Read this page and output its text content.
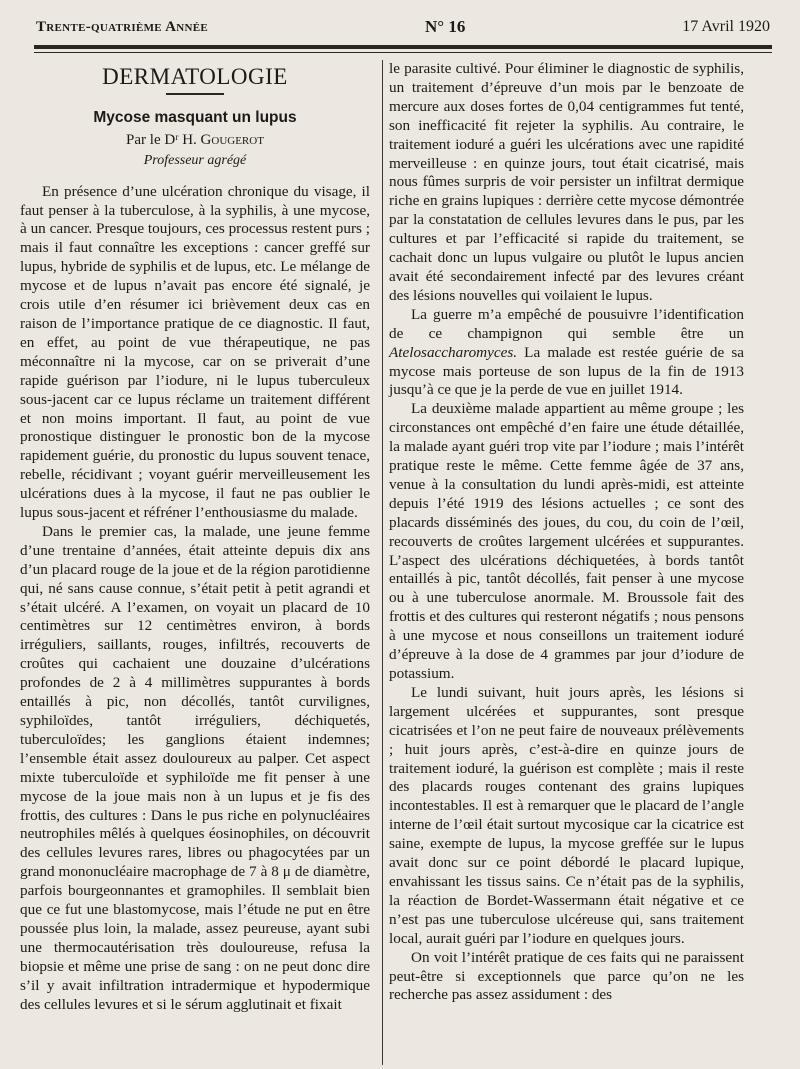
Trente-quatrième Année	N° 16	17 Avril 1920
DERMATOLOGIE
Mycose masquant un lupus
Par le Dʳ H. Gougerot
Professeur agrégé

En présence d’une ulcération chronique du visage, il faut penser à la tuberculose, à la syphilis, à une mycose, à un cancer. Presque toujours, ces processus restent purs ; mais il faut connaître les exceptions : cancer greffé sur lupus, hybride de syphilis et de lupus, etc. Le mélange de mycose et de lupus n’avait pas encore été signalé, je crois utile d’en résumer ici brièvement deux cas en raison de l’importance pratique de ce diagnostic. Il faut, en effet, au point de vue thérapeutique, ne pas méconnaître ni la mycose, car on se priverait d’une rapide guérison par l’iodure, ni le lupus tuberculeux sous-jacent car ce lupus réclame un traitement différent et non moins important. Il faut, au point de vue pronostique distinguer le pronostic bon de la mycose rapidement guérie, du pronostic du lupus souvent tenace, rebelle, récidivant ; voyant guérir merveilleusement les ulcérations dues à la mycose, il faut ne pas oublier le lupus sous-jacent et réfréner l’enthousiasme du malade.

Dans le premier cas, la malade, une jeune femme d’une trentaine d’années, était atteinte depuis dix ans d’un placard rouge de la joue et de la région parotidienne qui, né sans cause connue, s’était petit à petit agrandi et s’était ulcéré. A l’examen, on voyait un placard de 10 centimètres sur 12 centimètres environ, à bords irréguliers, saillants, rouges, infiltrés, recouverts de croûtes qui cachaient une douzaine d’ulcérations profondes de 2 à 4 millimètres suppurantes à bords entaillés à pic, non décollés, tantôt curvilignes, syphiloïdes, tantôt irréguliers, déchiquetés, tuberculoïdes; les ganglions étaient indemnes; l’ensemble était assez douloureux au palper. Cet aspect mixte tuberculoïde et syphiloïde me fit penser à une mycose de la joue mais non à un lupus et je fis des frottis, des cultures : Dans le pus riche en polynucléaires neutrophiles mêlés à quelques éosinophiles, on découvrit des cellules levures rares, libres ou phagocytées par un grand mononucléaire macrophage de 7 à 8 μ de diamètre, parfois bourgeonnantes et gramophiles. Il semblait bien que ce fut une blastomycose, mais l’étude ne put en être poussée plus loin, la malade, assez peureuse, ayant subi une thermocautérisation très douloureuse, refusa la biopsie et même une prise de sang : on ne peut donc dire s’il y avait infiltration intradermique et hypodermique des cellules levures et si le sérum agglutinait et fixait

le parasite cultivé. Pour éliminer le diagnostic de syphilis, un traitement d’épreuve d’un mois par le benzoate de mercure aux doses fortes de 0,04 centigrammes fut tenté, son inefficacité fit rejeter la syphilis. Au contraire, le traitement ioduré a guéri les ulcérations avec une rapidité merveilleuse : en quinze jours, tout était cicatrisé, mais nous fûmes surpris de voir persister un infiltrat dermique riche en grains lupiques : derrière cette mycose démontrée par la constatation de cellules levures dans le pus, par les cultures et par l’efficacité si rapide du traitement, se cachait donc un lupus vulgaire ou plutôt le lupus ancien avait été secondairement infecté par des levures créant des lésions nouvelles qui voilaient le lupus.

La guerre m’a empêché de pousuivre l’identification de ce champignon qui semble être un Atelosaccharomyces. La malade est restée guérie de sa mycose mais porteuse de son lupus de la fin de 1913 jusqu’à ce que je la perde de vue en juillet 1914.

La deuxième malade appartient au même groupe ; les circonstances ont empêché d’en faire une étude détaillée, la malade ayant guéri trop vite par l’iodure ; mais l’intérêt pratique reste le même. Cette femme âgée de 37 ans, venue à la consultation du lundi après-midi, est atteinte depuis l’été 1919 des lésions actuelles ; ce sont des placards disséminés des joues, du cou, du coin de l’œil, recouverts de croûtes largement ulcérées et suppurantes. L’aspect des ulcérations déchiquetées, à bords tantôt entaillés à pic, tantôt décollés, fait penser à une mycose ou à une tuberculose anormale. M. Broussole fait des frottis et des cultures qui resteront négatifs ; nous pensons à une mycose et nous conseillons un traitement ioduré d’épreuve à la dose de 4 grammes par jour d’iodure de potassium.

Le lundi suivant, huit jours après, les lésions si largement ulcérées et suppurantes, sont presque cicatrisées et l’on ne peut faire de nouveaux prélèvements ; huit jours après, c’est-à-dire en quinze jours de traitement ioduré, la guérison est complète ; mais il reste des placards rouges contenant des grains lupiques incontestables. Il est à remarquer que le placard de l’angle interne de l’œil était surtout mycosique car la cicatrice est saine, exempte de lupus, la mycose greffée sur le lupus avait donc sur ce point débordé le placard lupique, envahissant les tissus sains. Ce n’était pas de la syphilis, la réaction de Bordet-Wassermann était négative et ce n’est pas une tuberculose ulcéreuse qui, sans traitement local, aurait guéri par l’iodure en quelques jours.

On voit l’intérêt pratique de ces faits qui ne paraissent peut-être si exceptionnels que parce qu’on ne les recherche pas assez assidument : des
